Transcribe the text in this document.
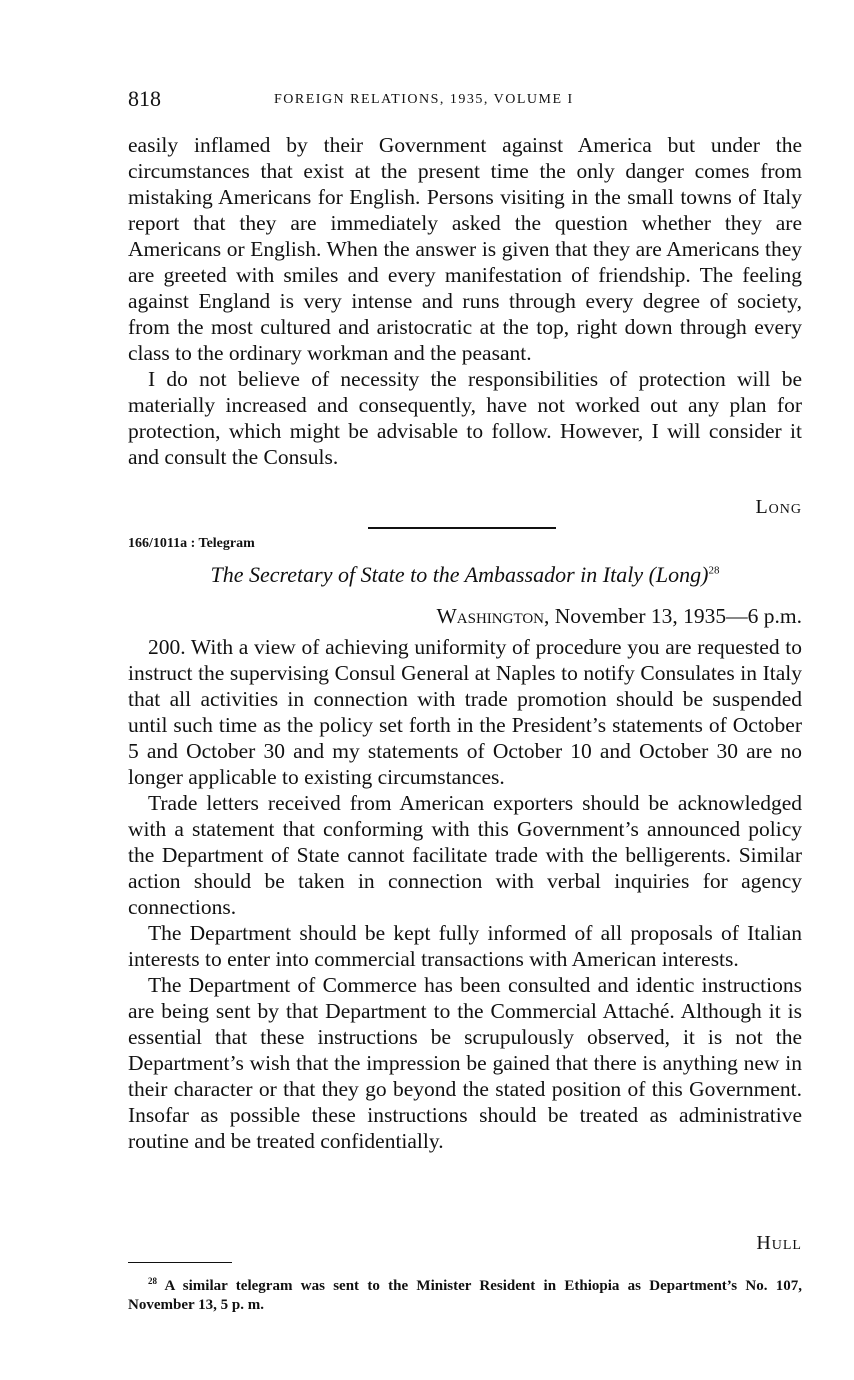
818	FOREIGN RELATIONS, 1935, VOLUME I

easily inflamed by their Government against America but under the circumstances that exist at the present time the only danger comes from mistaking Americans for English. Persons visiting in the small towns of Italy report that they are immediately asked the question whether they are Americans or English. When the answer is given that they are Americans they are greeted with smiles and every manifestation of friendship. The feeling against England is very intense and runs through every degree of society, from the most cultured and aristocratic at the top, right down through every class to the ordinary workman and the peasant.

I do not believe of necessity the responsibilities of protection will be materially increased and consequently, have not worked out any plan for protection, which might be advisable to follow. However, I will consider it and consult the Consuls.

Long
166/1011a : Telegram
The Secretary of State to the Ambassador in Italy (Long)$^{28}$
Washington, November 13, 1935—6 p.m.

200. With a view of achieving uniformity of procedure you are requested to instruct the supervising Consul General at Naples to notify Consulates in Italy that all activities in connection with trade promotion should be suspended until such time as the policy set forth in the President’s statements of October 5 and October 30 and my statements of October 10 and October 30 are no longer applicable to existing circumstances.

Trade letters received from American exporters should be acknowledged with a statement that conforming with this Government’s announced policy the Department of State cannot facilitate trade with the belligerents. Similar action should be taken in connection with verbal inquiries for agency connections.

The Department should be kept fully informed of all proposals of Italian interests to enter into commercial transactions with American interests.

The Department of Commerce has been consulted and identic instructions are being sent by that Department to the Commercial Attaché. Although it is essential that these instructions be scrupulously observed, it is not the Department’s wish that the impression be gained that there is anything new in their character or that they go beyond the stated position of this Government. Insofar as possible these instructions should be treated as administrative routine and be treated confidentially.

Hull
$^{28}$ A similar telegram was sent to the Minister Resident in Ethiopia as Department’s No. 107, November 13, 5 p. m.
